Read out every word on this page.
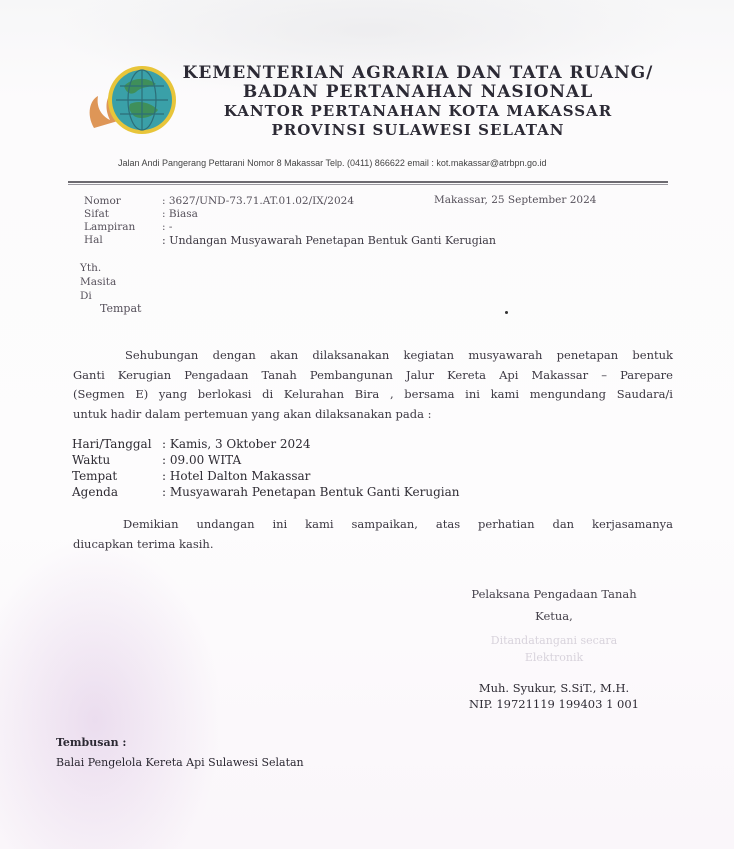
KEMENTERIAN AGRARIA DAN TATA RUANG/
BADAN PERTANAHAN NASIONAL
KANTOR PERTANAHAN KOTA MAKASSAR
PROVINSI SULAWESI SELATAN
Jalan Andi Pangerang Pettarani Nomor 8 Makassar Telp. (0411) 866622 email : kot.makassar@atrbpn.go.id
Nomor	: 3627/UND-73.71.AT.01.02/IX/2024
Sifat	: Biasa
Lampiran	: -
Hal	: Undangan Musyawarah Penetapan Bentuk Ganti Kerugian
Makassar, 25 September 2024
Yth.
Masita
Di
Tempat
Sehubungan dengan akan dilaksanakan kegiatan musyawarah penetapan bentuk
Ganti Kerugian Pengadaan Tanah Pembangunan Jalur Kereta Api Makassar – Parepare
(Segmen E) yang berlokasi di Kelurahan Bira , bersama ini kami mengundang Saudara/i
untuk hadir dalam pertemuan yang akan dilaksanakan pada :
Hari/Tanggal : Kamis, 3 Oktober 2024
Waktu	: 09.00 WITA
Tempat	: Hotel Dalton Makassar
Agenda	: Musyawarah Penetapan Bentuk Ganti Kerugian
Demikian undangan ini kami sampaikan, atas perhatian dan kerjasamanya
diucapkan terima kasih.
Pelaksana Pengadaan Tanah
Ketua,
Ditandatangani secara
Elektronik
Muh. Syukur, S.SiT., M.H.
NIP. 19721119 199403 1 001
Tembusan :
Balai Pengelola Kereta Api Sulawesi Selatan
